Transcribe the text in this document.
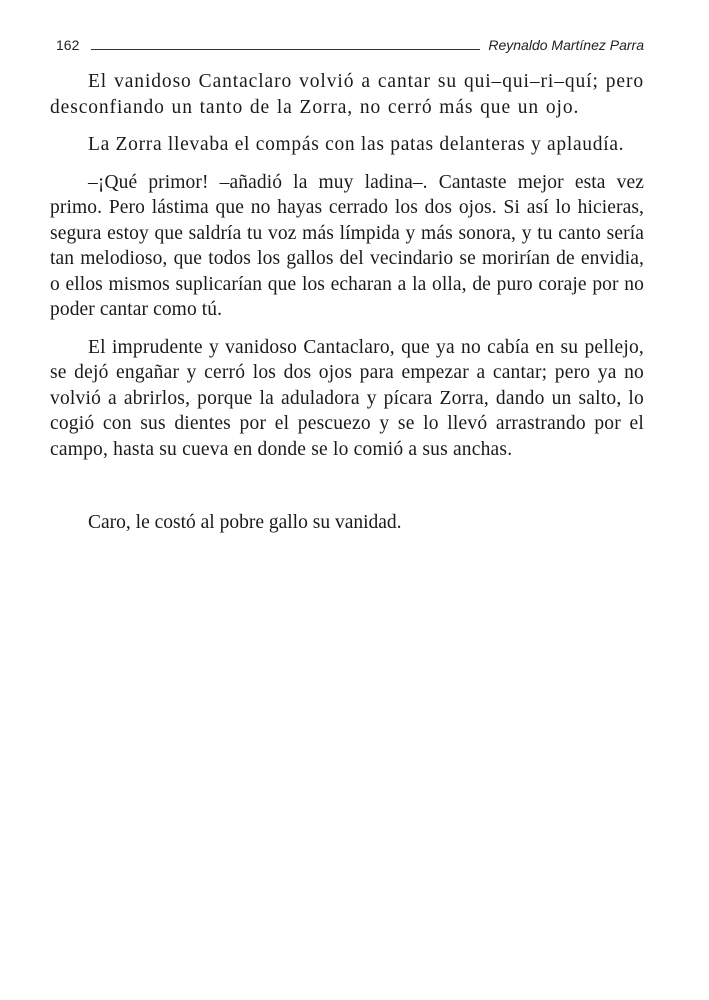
162	Reynaldo Martínez Parra

El vanidoso Cantaclaro volvió a cantar su qui–qui–ri–quí; pero desconfiando un tanto de la Zorra, no cerró más que un ojo.

La Zorra llevaba el compás con las patas delanteras y aplaudía.

–¡Qué primor! –añadió la muy ladina–. Cantaste mejor esta vez primo. Pero lástima que no hayas cerrado los dos ojos. Si así lo hicieras, segura estoy que saldría tu voz más límpida y más sonora, y tu canto sería tan melodioso, que todos los gallos del vecindario se morirían de envidia, o ellos mismos suplicarían que los echaran a la olla, de puro coraje por no poder cantar como tú.

El imprudente y vanidoso Cantaclaro, que ya no cabía en su pellejo, se dejó engañar y cerró los dos ojos para empezar a cantar; pero ya no volvió a abrirlos, porque la aduladora y pícara Zorra, dando un salto, lo cogió con sus dientes por el pescuezo y se lo llevó arrastrando por el campo, hasta su cueva en donde se lo comió a sus anchas.

Caro, le costó al pobre gallo su vanidad.
